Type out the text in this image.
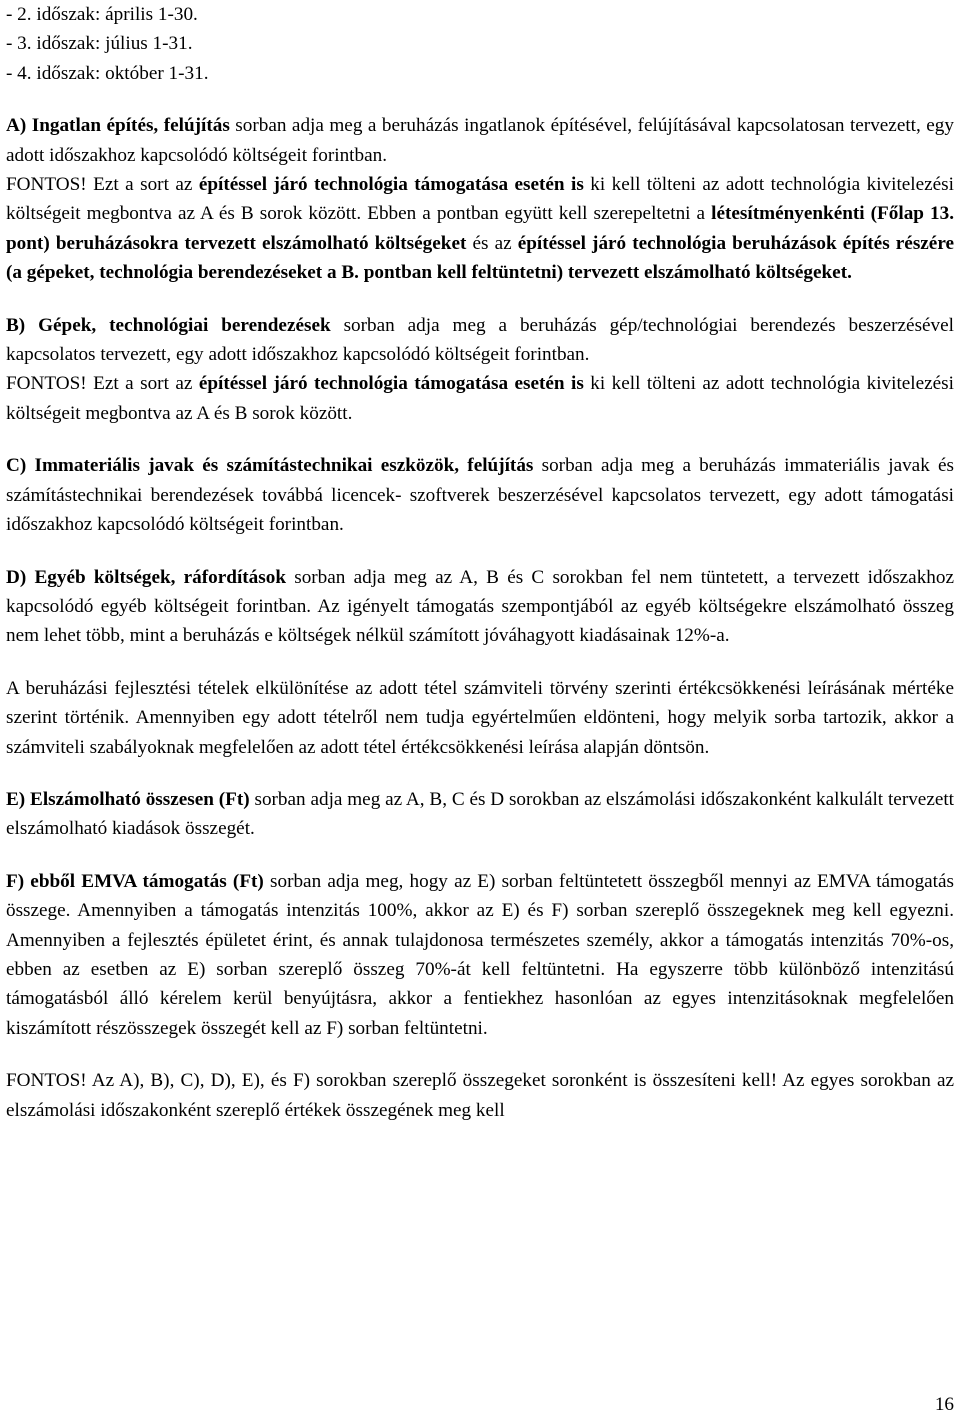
- 2. időszak: április 1-30.
- 3. időszak: július 1-31.
- 4. időszak: október 1-31.

A) Ingatlan építés, felújítás sorban adja meg a beruházás ingatlanok építésével, felújításával kapcsolatosan tervezett, egy adott időszakhoz kapcsolódó költségeit forintban.
FONTOS! Ezt a sort az építéssel járó technológia támogatása esetén is ki kell tölteni az adott technológia kivitelezési költségeit megbontva az A és B sorok között. Ebben a pontban együtt kell szerepeltetni a létesítményenkénti (Főlap 13. pont) beruházásokra tervezett elszámolható költségeket és az építéssel járó technológia beruházások építés részére (a gépeket, technológia berendezéseket a B. pontban kell feltüntetni) tervezett elszámolható költségeket.

B) Gépek, technológiai berendezések sorban adja meg a beruházás gép/technológiai berendezés beszerzésével kapcsolatos tervezett, egy adott időszakhoz kapcsolódó költségeit forintban.
FONTOS! Ezt a sort az építéssel járó technológia támogatása esetén is ki kell tölteni az adott technológia kivitelezési költségeit megbontva az A és B sorok között.

C) Immateriális javak és számítástechnikai eszközök, felújítás sorban adja meg a beruházás immateriális javak és számítástechnikai berendezések továbbá licencek- szoftverek beszerzésével kapcsolatos tervezett, egy adott támogatási időszakhoz kapcsolódó költségeit forintban.

D) Egyéb költségek, ráfordítások sorban adja meg az A, B és C sorokban fel nem tüntetett, a tervezett időszakhoz kapcsolódó egyéb költségeit forintban. Az igényelt támogatás szempontjából az egyéb költségekre elszámolható összeg nem lehet több, mint a beruházás e költségek nélkül számított jóváhagyott kiadásainak 12%-a.

A beruházási fejlesztési tételek elkülönítése az adott tétel számviteli törvény szerinti értékcsökkenési leírásának mértéke szerint történik. Amennyiben egy adott tételről nem tudja egyértelműen eldönteni, hogy melyik sorba tartozik, akkor a számviteli szabályoknak megfelelően az adott tétel értékcsökkenési leírása alapján döntsön.

E) Elszámolható összesen (Ft) sorban adja meg az A, B, C és D sorokban az elszámolási időszakonként kalkulált tervezett elszámolható kiadások összegét.

F) ebből EMVA támogatás (Ft) sorban adja meg, hogy az E) sorban feltüntetett összegből mennyi az EMVA támogatás összege. Amennyiben a támogatás intenzitás 100%, akkor az E) és F) sorban szereplő összegeknek meg kell egyezni. Amennyiben a fejlesztés épületet érint, és annak tulajdonosa természetes személy, akkor a támogatás intenzitás 70%-os, ebben az esetben az E) sorban szereplő összeg 70%-át kell feltüntetni. Ha egyszerre több különböző intenzitású támogatásból álló kérelem kerül benyújtásra, akkor a fentiekhez hasonlóan az egyes intenzitásoknak megfelelően kiszámított részösszegek összegét kell az F) sorban feltüntetni.

FONTOS! Az A), B), C), D), E), és F) sorokban szereplő összegeket soronként is összesíteni kell! Az egyes sorokban az elszámolási időszakonként szereplő értékek összegének meg kell

16
